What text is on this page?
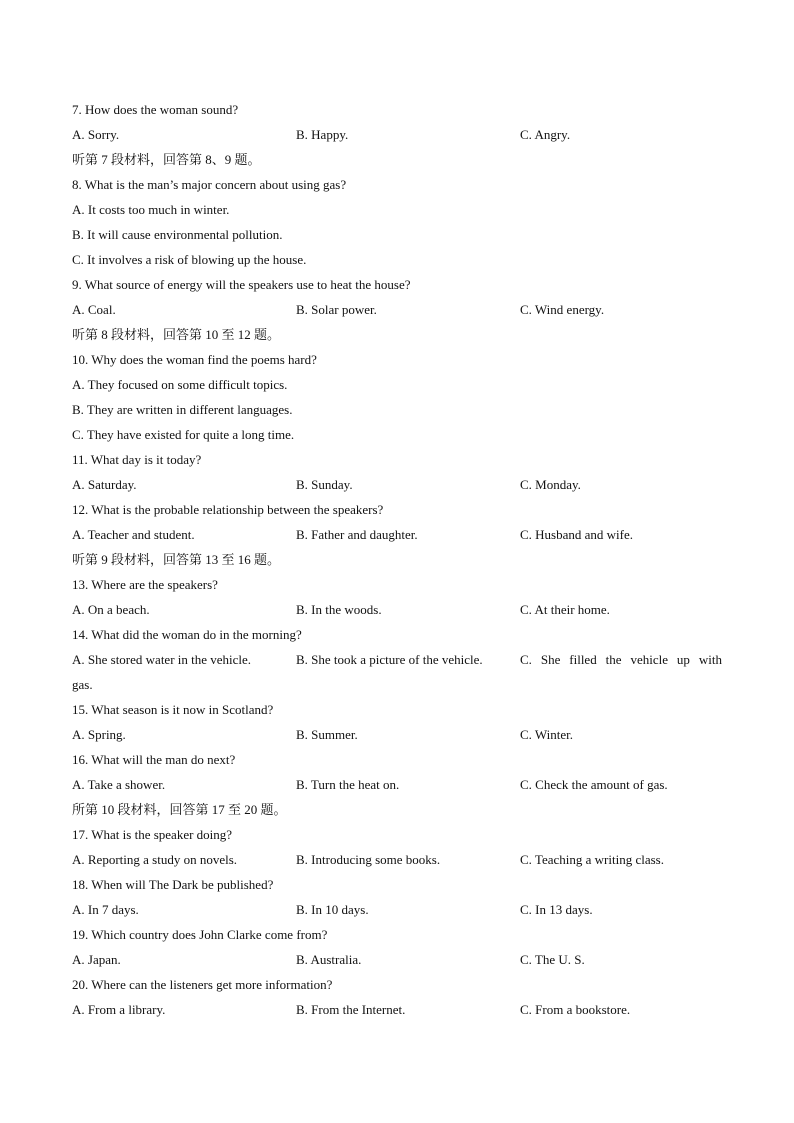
7. How does the woman sound?
A. Sorry.	B. Happy.	C. Angry.
听第 7 段材料，回答第 8、9 题。
8. What is the man’s major concern about using gas?
A. It costs too much in winter.
B. It will cause environmental pollution.
C. It involves a risk of blowing up the house.
9. What source of energy will the speakers use to heat the house?
A. Coal.	B. Solar power.	C. Wind energy.
听第 8 段材料，回答第 10 至 12 题。
10. Why does the woman find the poems hard?
A. They focused on some difficult topics.
B. They are written in different languages.
C. They have existed for quite a long time.
11. What day is it today?
A. Saturday.	B. Sunday.	C. Monday.
12. What is the probable relationship between the speakers?
A. Teacher and student.	B. Father and daughter.	C. Husband and wife.
听第 9 段材料，回答第 13 至 16 题。
13. Where are the speakers?
A. On a beach.	B. In the woods.	C. At their home.
14. What did the woman do in the morning?
A. She stored water in the vehicle.	B. She took a picture of the vehicle.	C. She filled the vehicle up with
gas.
15. What season is it now in Scotland?
A. Spring.	B. Summer.	C. Winter.
16. What will the man do next?
A. Take a shower.	B. Turn the heat on.	C. Check the amount of gas.
所第 10 段材料，回答第 17 至 20 题。
17. What is the speaker doing?
A. Reporting a study on novels.	B. Introducing some books.	C. Teaching a writing class.
18. When will The Dark be published?
A. In 7 days.	B. In 10 days.	C. In 13 days.
19. Which country does John Clarke come from?
A. Japan.	B. Australia.	C. The U. S.
20. Where can the listeners get more information?
A. From a library.	B. From the Internet.	C. From a bookstore.
